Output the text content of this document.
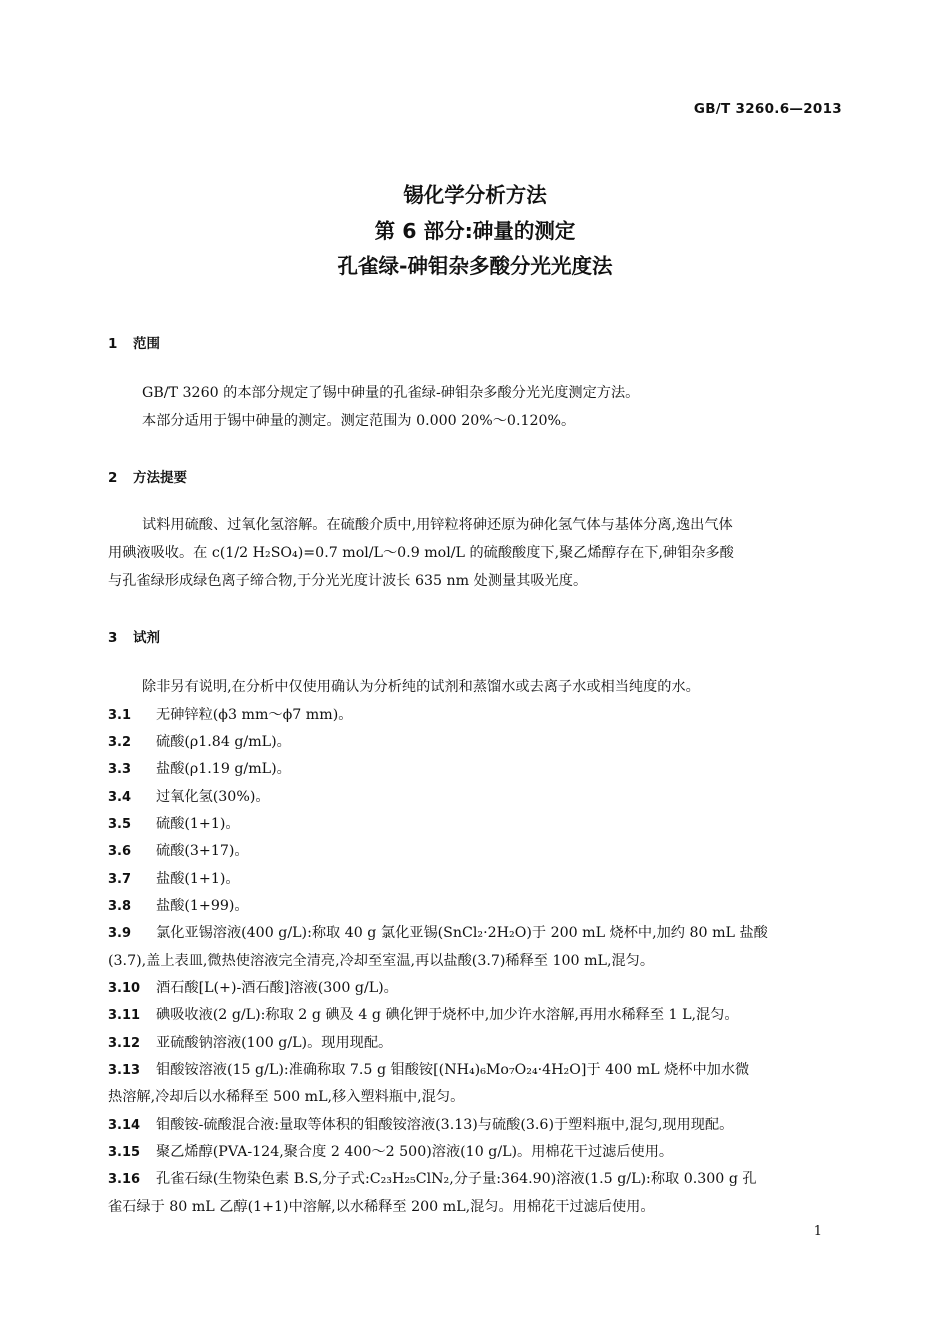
GB/T 3260.6—2013
锡化学分析方法
第 6 部分:砷量的测定
孔雀绿-砷钼杂多酸分光光度法
1 范围
GB/T 3260 的本部分规定了锡中砷量的孔雀绿-砷钼杂多酸分光光度测定方法。
本部分适用于锡中砷量的测定。测定范围为 0.000 20%～0.120%。
2 方法提要
试料用硫酸、过氧化氢溶解。在硫酸介质中,用锌粒将砷还原为砷化氢气体与基体分离,逸出气体
用碘液吸收。在 c(1/2 H₂SO₄)=0.7 mol/L～0.9 mol/L 的硫酸酸度下,聚乙烯醇存在下,砷钼杂多酸
与孔雀绿形成绿色离子缔合物,于分光光度计波长 635 nm 处测量其吸光度。
3 试剂
除非另有说明,在分析中仅使用确认为分析纯的试剂和蒸馏水或去离子水或相当纯度的水。
3.1 无砷锌粒(ϕ3 mm～ϕ7 mm)。
3.2 硫酸(ρ1.84 g/mL)。
3.3 盐酸(ρ1.19 g/mL)。
3.4 过氧化氢(30%)。
3.5 硫酸(1+1)。
3.6 硫酸(3+17)。
3.7 盐酸(1+1)。
3.8 盐酸(1+99)。
3.9 氯化亚锡溶液(400 g/L):称取 40 g 氯化亚锡(SnCl₂·2H₂O)于 200 mL 烧杯中,加约 80 mL 盐酸
(3.7),盖上表皿,微热使溶液完全清亮,冷却至室温,再以盐酸(3.7)稀释至 100 mL,混匀。
3.10 酒石酸[L(+)-酒石酸]溶液(300 g/L)。
3.11 碘吸收液(2 g/L):称取 2 g 碘及 4 g 碘化钾于烧杯中,加少许水溶解,再用水稀释至 1 L,混匀。
3.12 亚硫酸钠溶液(100 g/L)。现用现配。
3.13 钼酸铵溶液(15 g/L):准确称取 7.5 g 钼酸铵[(NH₄)₆Mo₇O₂₄·4H₂O]于 400 mL 烧杯中加水微
热溶解,冷却后以水稀释至 500 mL,移入塑料瓶中,混匀。
3.14 钼酸铵-硫酸混合液:量取等体积的钼酸铵溶液(3.13)与硫酸(3.6)于塑料瓶中,混匀,现用现配。
3.15 聚乙烯醇(PVA-124,聚合度 2 400～2 500)溶液(10 g/L)。用棉花干过滤后使用。
3.16 孔雀石绿(生物染色素 B.S,分子式:C₂₃H₂₅ClN₂,分子量:364.90)溶液(1.5 g/L):称取 0.300 g 孔
雀石绿于 80 mL 乙醇(1+1)中溶解,以水稀释至 200 mL,混匀。用棉花干过滤后使用。
1
